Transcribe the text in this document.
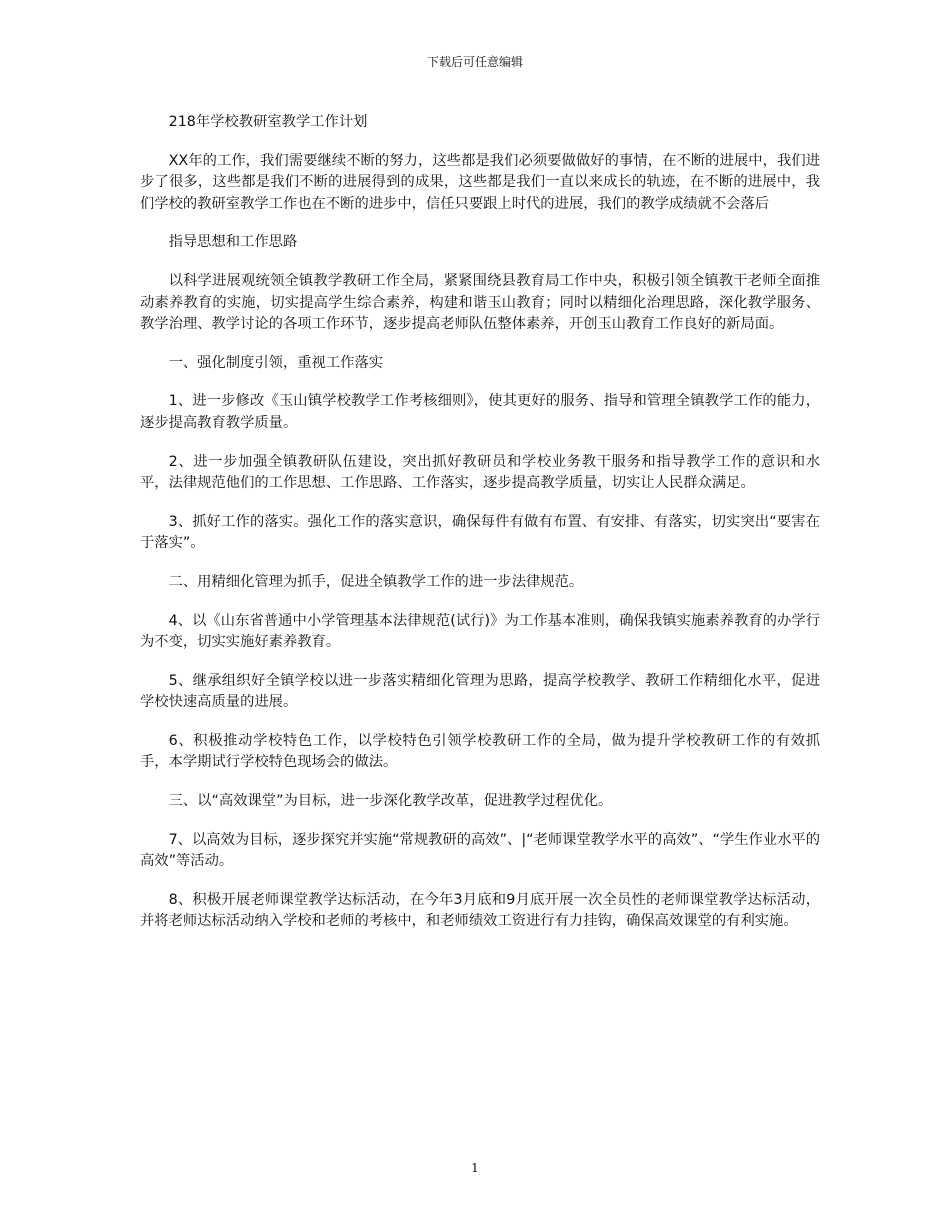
下载后可任意编辑

218年学校教研室教学工作计划

XX年的工作，我们需要继续不断的努力，这些都是我们必须要做做好的事情，在不断的进展中，我们进步了很多，这些都是我们不断的进展得到的成果，这些都是我们一直以来成长的轨迹，在不断的进展中，我们学校的教研室教学工作也在不断的进步中，信任只要跟上时代的进展，我们的教学成绩就不会落后

指导思想和工作思路

以科学进展观统领全镇教学教研工作全局，紧紧围绕县教育局工作中央，积极引领全镇教干老师全面推动素养教育的实施，切实提高学生综合素养，构建和谐玉山教育；同时以精细化治理思路，深化教学服务、教学治理、教学讨论的各项工作环节，逐步提高老师队伍整体素养，开创玉山教育工作良好的新局面。

一、强化制度引领，重视工作落实

1、进一步修改《玉山镇学校教学工作考核细则》，使其更好的服务、指导和管理全镇教学工作的能力，逐步提高教育教学质量。

2、进一步加强全镇教研队伍建设，突出抓好教研员和学校业务教干服务和指导教学工作的意识和水平，法律规范他们的工作思想、工作思路、工作落实，逐步提高教学质量，切实让人民群众满足。

3、抓好工作的落实。强化工作的落实意识，确保每件有做有布置、有安排、有落实，切实突出“要害在于落实”。

二、用精细化管理为抓手，促进全镇教学工作的进一步法律规范。

4、以《山东省普通中小学管理基本法律规范(试行)》为工作基本准则，确保我镇实施素养教育的办学行为不变，切实实施好素养教育。

5、继承组织好全镇学校以进一步落实精细化管理为思路，提高学校教学、教研工作精细化水平，促进学校快速高质量的进展。

6、积极推动学校特色工作，以学校特色引领学校教研工作的全局，做为提升学校教研工作的有效抓手，本学期试行学校特色现场会的做法。

三、以“高效课堂”为目标，进一步深化教学改革，促进教学过程优化。

7、以高效为目标，逐步探究并实施“常规教研的高效”、|“老师课堂教学水平的高效”、“学生作业水平的高效”等活动。

8、积极开展老师课堂教学达标活动，在今年3月底和9月底开展一次全员性的老师课堂教学达标活动，并将老师达标活动纳入学校和老师的考核中，和老师绩效工资进行有力挂钩，确保高效课堂的有利实施。

1
